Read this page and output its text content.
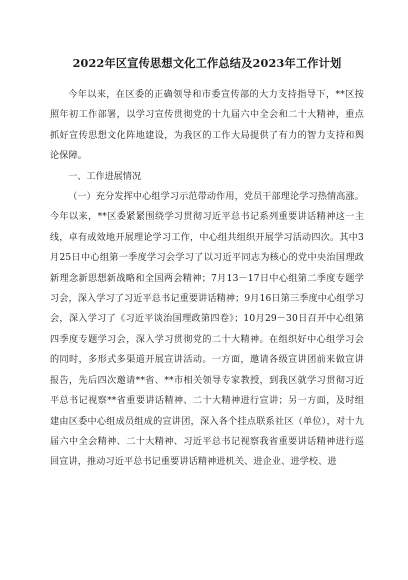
2022年区宣传思想文化工作总结及2023年工作计划

今年以来，在区委的正确领导和市委宣传部的大力支持指导下，**区按照年初工作部署，以学习宣传贯彻党的十九届六中全会和二十大精神，重点抓好宣传思想文化阵地建设，为我区的工作大局提供了有力的智力支持和舆论保障。

一、工作进展情况

（一）充分发挥中心组学习示范带动作用，党员干部理论学习热情高涨。今年以来，**区委紧紧围绕学习贯彻习近平总书记系列重要讲话精神这一主线，卓有成效地开展理论学习工作，中心组共组织开展学习活动四次。其中3月25日中心组第一季度学习会学习了以习近平同志为核心的党中央治国理政新理念新思想新战略和全国两会精神；7月13－17日中心组第二季度专题学习会，深入学习了习近平总书记重要讲话精神；9月16日第三季度中心组学习会，深入学习了《习近平谈治国理政第四卷》；10月29－30日召开中心组第四季度专题学习会，深入学习贯彻党的二十大精神。在组织好中心组学习会的同时，多形式多渠道开展宣讲活动。一方面，邀请各级宣讲团前来做宣讲报告，先后四次邀请**省、**市相关领导专家教授，到我区就学习贯彻习近平总书记视察**省重要讲话精神、二十大精神进行宣讲；另一方面，及时组建由区委中心组成员组成的宣讲团，深入各个挂点联系社区（单位），对十九届六中全会精神、二十大精神、习近平总书记视察我省重要讲话精神进行巡回宣讲，推动习近平总书记重要讲话精神进机关、进企业、进学校、进
